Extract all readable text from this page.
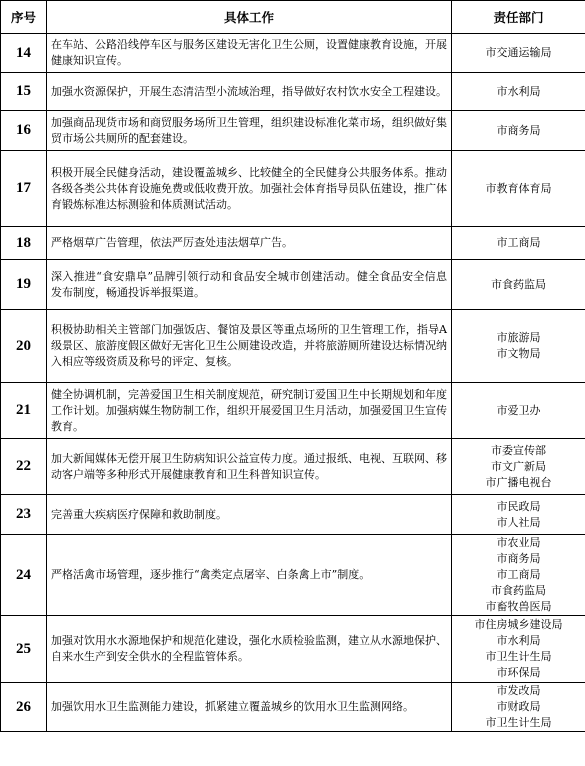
序号	具体工作	责任部门
14	在车站、公路沿线停车区与服务区建设无害化卫生公厕，设置健康教育设施，开展健康知识宣传。	市交通运输局

15	加强水资源保护，开展生态清洁型小流域治理，指导做好农村饮水安全工程建设。	市水利局

16	加强商品现货市场和商贸服务场所卫生管理，组织建设标准化菜市场，组织做好集贸市场公共厕所的配套建设。	市商务局

17	积极开展全民健身活动，建设覆盖城乡、比较健全的全民健身公共服务体系。推动各级各类公共体育设施免费或低收费开放。加强社会体育指导员队伍建设，推广体育锻炼标准达标测验和体质测试活动。	市教育体育局

18	严格烟草广告管理，依法严厉查处违法烟草广告。	市工商局

19	深入推进“食安鼎阜”品牌引领行动和食品安全城市创建活动。健全食品安全信息发布制度，畅通投诉举报渠道。	市食药监局

20	积极协助相关主管部门加强饭店、餐馆及景区等重点场所的卫生管理工作，指导A级景区、旅游度假区做好无害化卫生公厕建设改造，并将旅游厕所建设达标情况纳入相应等级资质及称号的评定、复核。	市旅游局
市文物局

21	健全协调机制，完善爱国卫生相关制度规范，研究制订爱国卫生中长期规划和年度工作计划。加强病媒生物防制工作，组织开展爱国卫生月活动，加强爱国卫生宣传教育。	市爱卫办

22	加大新闻媒体无偿开展卫生防病知识公益宣传力度。通过报纸、电视、互联网、移动客户端等多种形式开展健康教育和卫生科普知识宣传。	市委宣传部
市文广新局
市广播电视台

23	完善重大疾病医疗保障和救助制度。	市民政局
市人社局

24	严格活禽市场管理，逐步推行“禽类定点屠宰、白条禽上市”制度。	市农业局
市商务局
市工商局
市食药监局
市畜牧兽医局

25	加强对饮用水水源地保护和规范化建设，强化水质检验监测，建立从水源地保护、自来水生产到安全供水的全程监管体系。	市住房城乡建设局
市水利局
市卫生计生局
市环保局

26	加强饮用水卫生监测能力建设，抓紧建立覆盖城乡的饮用水卫生监测网络。	市发改局
市财政局
市卫生计生局
